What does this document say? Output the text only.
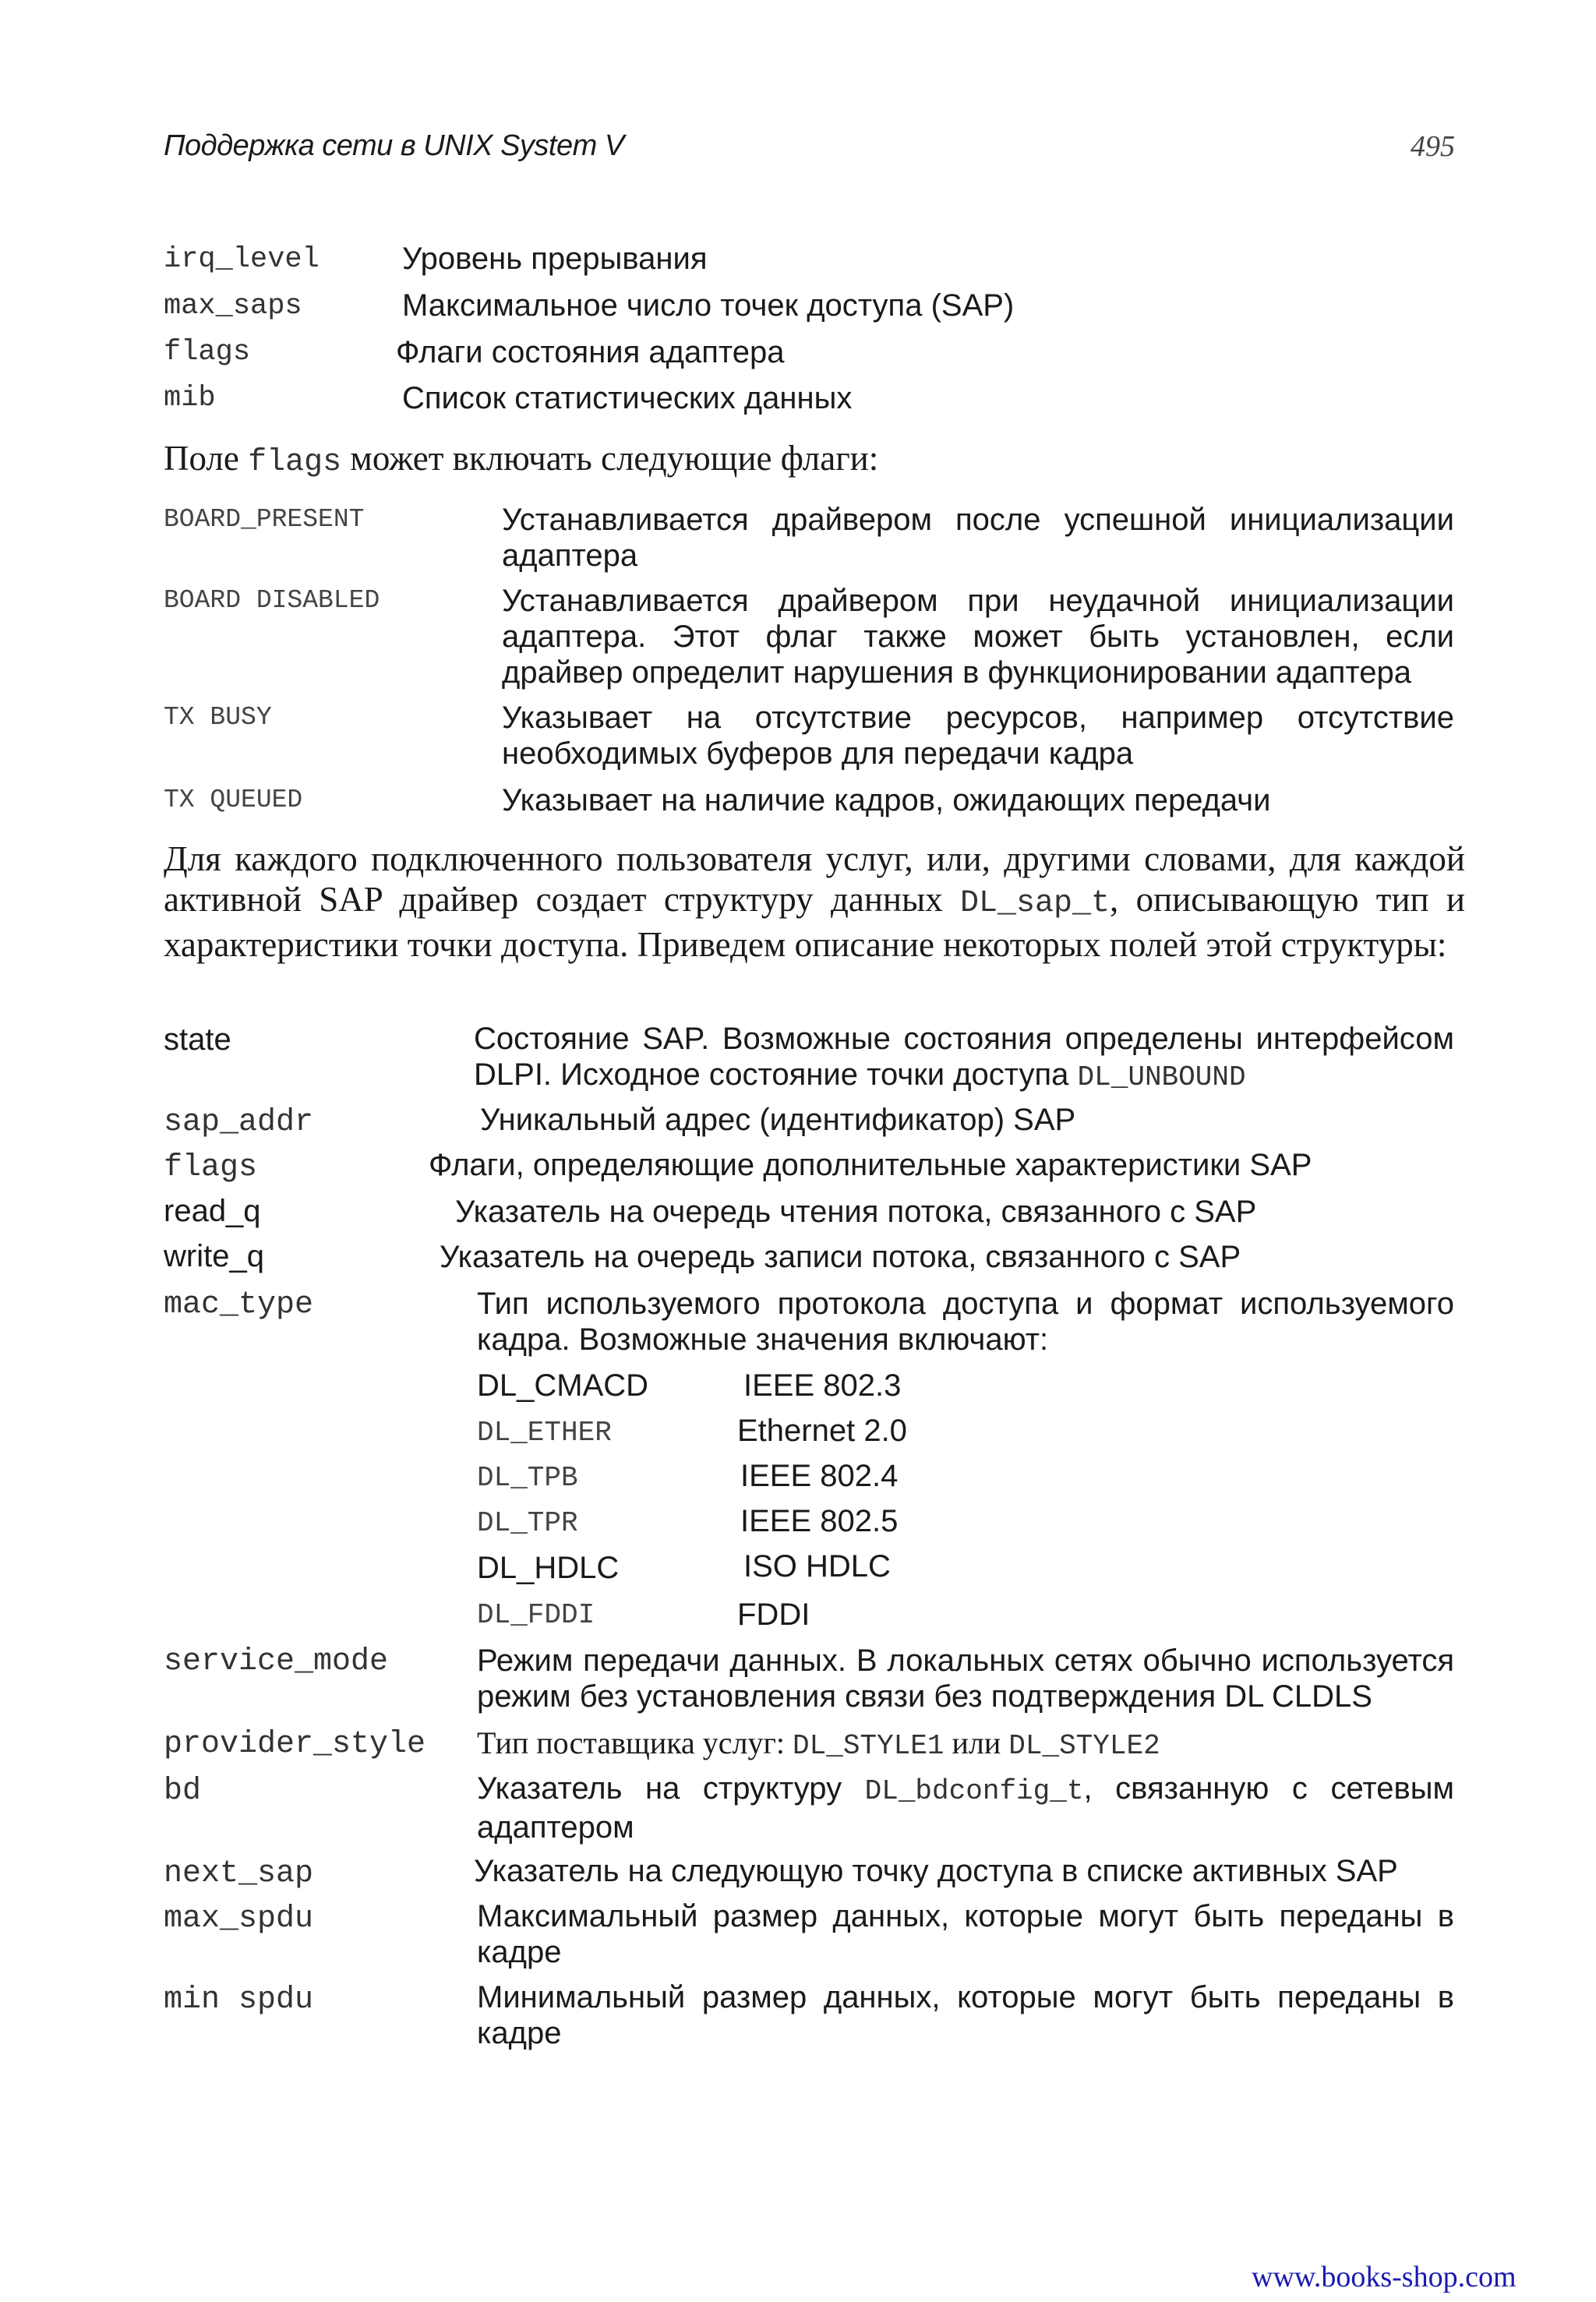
Поддержка сети в UNIX System V	495
irq_level	Уровень прерывания
max_saps	Максимальное число точек доступа (SAP)
flags	Флаги состояния адаптера
mib	Список статистических данных
Поле flags может включать следующие флаги:
BOARD_PRESENT	Устанавливается драйвером после успешной инициализации адаптера
BOARD DISABLED	Устанавливается драйвером при неудачной инициализации адаптера. Этот флаг также может быть установлен, если драйвер определит нарушения в функционировании адаптера
TX BUSY	Указывает на отсутствие ресурсов, например отсутствие необходимых буферов для передачи кадра
TX QUEUED	Указывает на наличие кадров, ожидающих передачи
Для каждого подключенного пользователя услуг, или, другими словами, для каждой активной SAP драйвер создает структуру данных DL_sap_t, описывающую тип и характеристики точки доступа. Приведем описание некоторых полей этой структуры:
state	Состояние SAP. Возможные состояния определены интерфейсом DLPI. Исходное состояние точки доступа DL_UNBOUND
sap_addr	Уникальный адрес (идентификатор) SAP
flags	Флаги, определяющие дополнительные характеристики SAP
read_q	Указатель на очередь чтения потока, связанного с SAP
write_q	Указатель на очередь записи потока, связанного с SAP
mac_type	Тип используемого протокола доступа и формат используемого кадра. Возможные значения включают:
DL_CMACD	IEEE 802.3
DL_ETHER	Ethernet 2.0
DL_TPB	IEEE 802.4
DL_TPR	IEEE 802.5
DL_HDLC	ISO HDLC
DL_FDDI	FDDI
service_mode	Режим передачи данных. В локальных сетях обычно используется режим без установления связи без подтверждения DL CLDLS
provider_style Тип поставщика услуг: DL_STYLE1 или DL_STYLE2
bd	Указатель на структуру DL_bdconfig_t, связанную с сетевым адаптером
next_sap	Указатель на следующую точку доступа в списке активных SAP
max_spdu	Максимальный размер данных, которые могут быть переданы в кадре
min spdu	Минимальный размер данных, которые могут быть переданы в кадре
www.books-shop.com
